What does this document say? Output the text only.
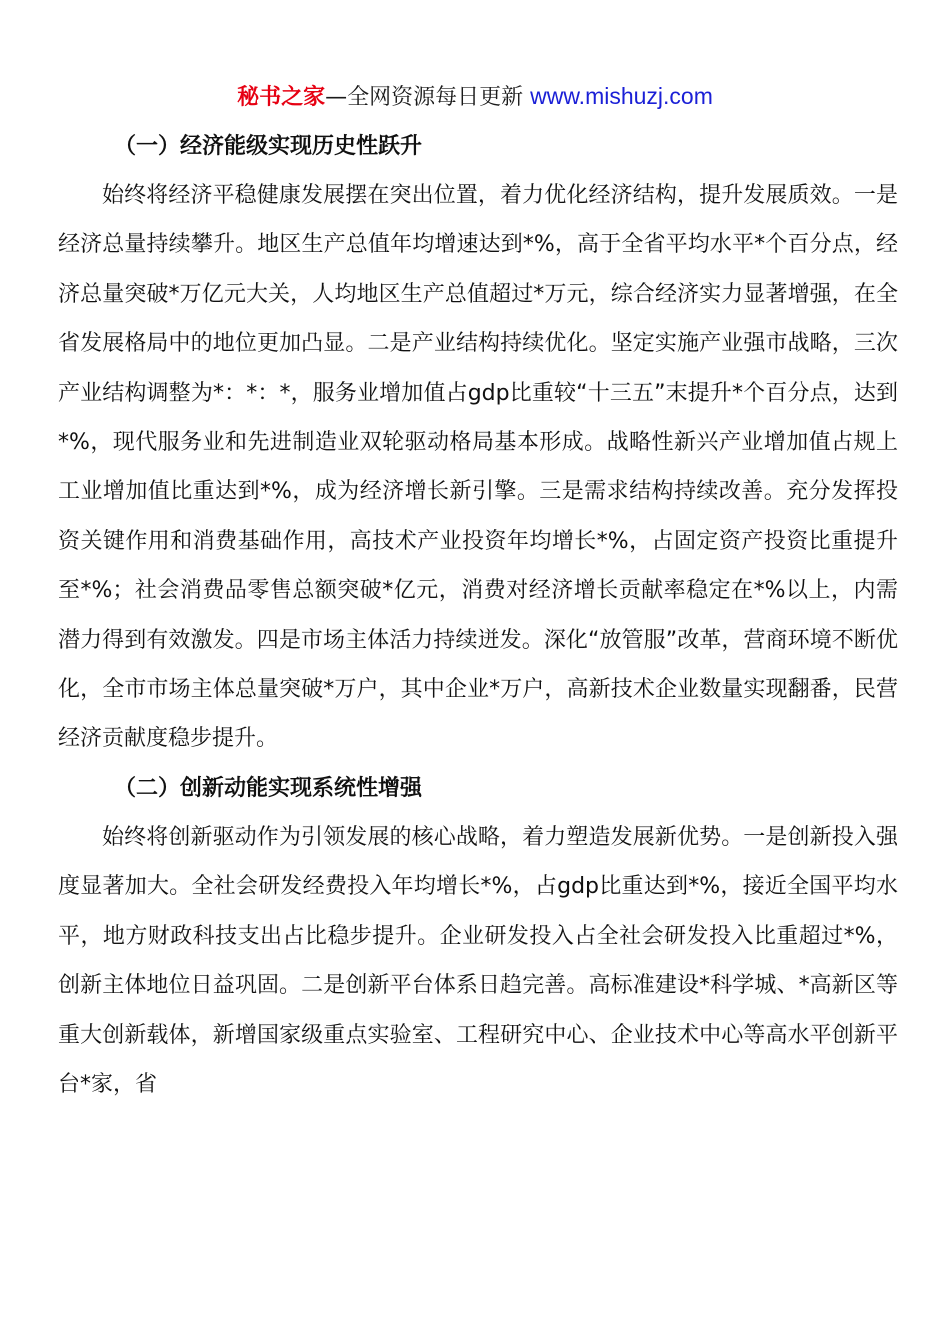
秘书之家—全网资源每日更新 www.mishuzj.com
（一）经济能级实现历史性跃升

始终将经济平稳健康发展摆在突出位置，着力优化经济结构，提升发展质效。一是经济总量持续攀升。地区生产总值年均增速达到*%，高于全省平均水平*个百分点，经济总量突破*万亿元大关，人均地区生产总值超过*万元，综合经济实力显著增强，在全省发展格局中的地位更加凸显。二是产业结构持续优化。坚定实施产业强市战略，三次产业结构调整为*：*：*，服务业增加值占gdp比重较“十三五”末提升*个百分点，达到*%，现代服务业和先进制造业双轮驱动格局基本形成。战略性新兴产业增加值占规上工业增加值比重达到*%，成为经济增长新引擎。三是需求结构持续改善。充分发挥投资关键作用和消费基础作用，高技术产业投资年均增长*%，占固定资产投资比重提升至*%；社会消费品零售总额突破*亿元，消费对经济增长贡献率稳定在*%以上，内需潜力得到有效激发。四是市场主体活力持续迸发。深化“放管服”改革，营商环境不断优化，全市市场主体总量突破*万户，其中企业*万户，高新技术企业数量实现翻番，民营经济贡献度稳步提升。

（二）创新动能实现系统性增强

始终将创新驱动作为引领发展的核心战略，着力塑造发展新优势。一是创新投入强度显著加大。全社会研发经费投入年均增长*%，占gdp比重达到*%，接近全国平均水平，地方财政科技支出占比稳步提升。企业研发投入占全社会研发投入比重超过*%，创新主体地位日益巩固。二是创新平台体系日趋完善。高标准建设*科学城、*高新区等重大创新载体，新增国家级重点实验室、工程研究中心、企业技术中心等高水平创新平台*家，省
